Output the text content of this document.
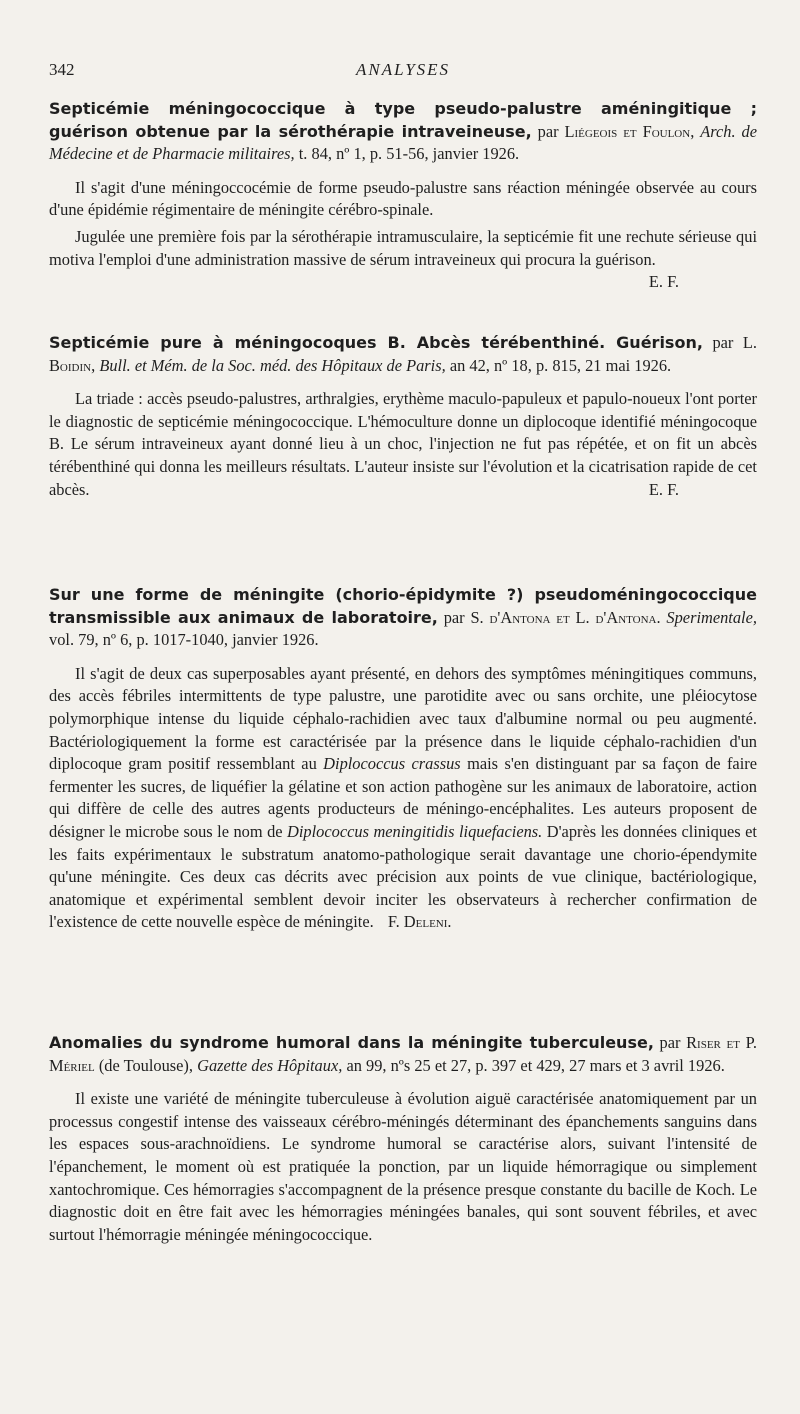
342	ANALYSES

Septicémie méningococcique à type pseudo-palustre améningitique ; guérison obtenue par la sérothérapie intraveineuse, par Liégeois et Foulon, Arch. de Médecine et de Pharmacie militaires, t. 84, nº 1, p. 51-56, janvier 1926.

Il s'agit d'une méningoccocémie de forme pseudo-palustre sans réaction méningée observée au cours d'une épidémie régimentaire de méningite cérébro-spinale.

Jugulée une première fois par la sérothérapie intramusculaire, la septicémie fit une rechute sérieuse qui motiva l'emploi d'une administration massive de sérum intraveineux qui procura la guérison.
E. F.

Septicémie pure à méningocoques B. Abcès térébenthiné. Guérison, par L. Boidin, Bull. et Mém. de la Soc. méd. des Hôpitaux de Paris, an 42, nº 18, p. 815, 21 mai 1926.

La triade : accès pseudo-palustres, arthralgies, erythème maculo-papuleux et papulo-noueux l'ont porter le diagnostic de septicémie méningococcique. L'hémoculture donne un diplocoque identifié méningocoque B. Le sérum intraveineux ayant donné lieu à un choc, l'injection ne fut pas répétée, et on fit un abcès térébenthiné qui donna les meilleurs résultats. L'auteur insiste sur l'évolution et la cicatrisation rapide de cet abcès.	E. F.

Sur une forme de méningite (chorio-épidymite ?) pseudoméningococcique transmissible aux animaux de laboratoire, par S. d'Antona et L. d'Antona. Sperimentale, vol. 79, nº 6, p. 1017-1040, janvier 1926.

Il s'agit de deux cas superposables ayant présenté, en dehors des symptômes méningitiques communs, des accès fébriles intermittents de type palustre, une parotidite avec ou sans orchite, une pléiocytose polymorphique intense du liquide céphalo-rachidien avec taux d'albumine normal ou peu augmenté. Bactériologiquement la forme est caractérisée par la présence dans le liquide céphalo-rachidien d'un diplocoque gram positif ressemblant au Diplococcus crassus mais s'en distinguant par sa façon de faire fermenter les sucres, de liquéfier la gélatine et son action pathogène sur les animaux de laboratoire, action qui diffère de celle des autres agents producteurs de méningo-encéphalites. Les auteurs proposent de désigner le microbe sous le nom de Diplococcus meningitidis liquefaciens. D'après les données cliniques et les faits expérimentaux le substratum anatomo-pathologique serait davantage une chorio-épendymite qu'une méningite. Ces deux cas décrits avec précision aux points de vue clinique, bactériologique, anatomique et expérimental semblent devoir inciter les observateurs à rechercher confirmation de l'existence de cette nouvelle espèce de méningite. F. Deleni.

Anomalies du syndrome humoral dans la méningite tuberculeuse, par Riser et P. Mériel (de Toulouse), Gazette des Hôpitaux, an 99, nºs 25 et 27, p. 397 et 429, 27 mars et 3 avril 1926.

Il existe une variété de méningite tuberculeuse à évolution aiguë caractérisée anatomiquement par un processus congestif intense des vaisseaux cérébro-méningés déterminant des épanchements sanguins dans les espaces sous-arachnoïdiens. Le syndrome humoral se caractérise alors, suivant l'intensité de l'épanchement, le moment où est pratiquée la ponction, par un liquide hémorragique ou simplement xantochromique. Ces hémorragies s'accompagnent de la présence presque constante du bacille de Koch. Le diagnostic doit en être fait avec les hémorragies méningées banales, qui sont souvent fébriles, et avec surtout l'hémorragie méningée méningococcique.
